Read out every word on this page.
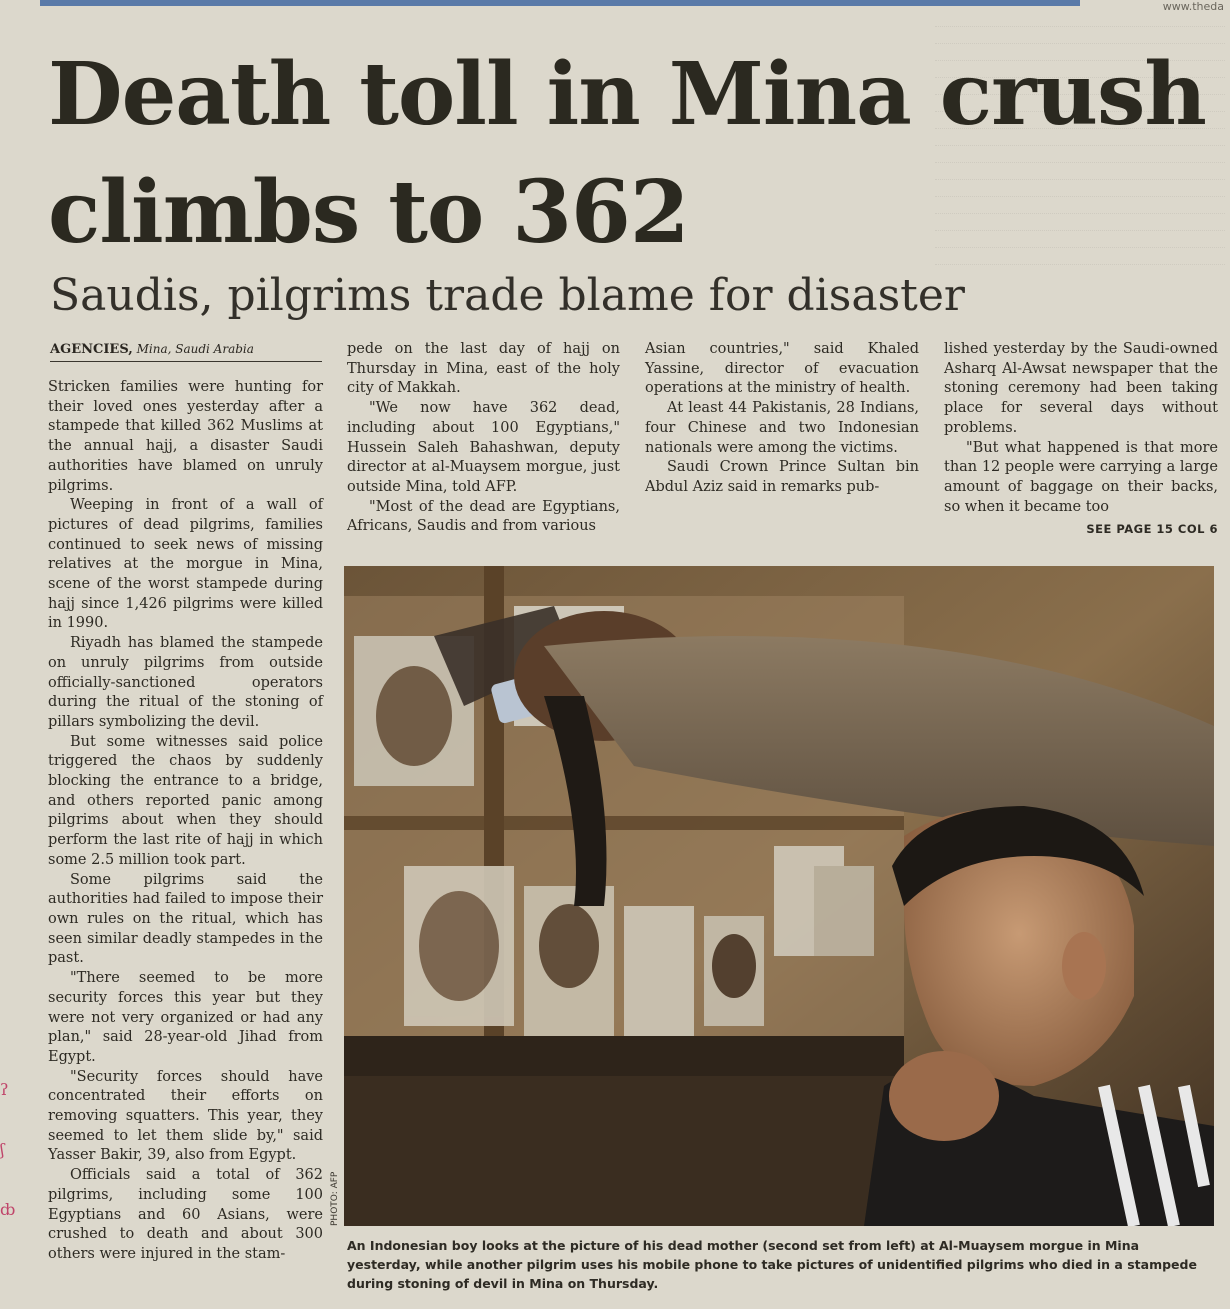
www.theda

Death toll in Mina crush
climbs to 362
Saudis, pilgrims trade blame for disaster
AGENCIES, Mina, Saudi Arabia

Stricken families were hunting for their loved ones yesterday after a stampede that killed 362 Muslims at the annual hajj, a disaster Saudi authorities have blamed on unruly pilgrims.

Weeping in front of a wall of pictures of dead pilgrims, families continued to seek news of missing relatives at the morgue in Mina, scene of the worst stampede during hajj since 1,426 pilgrims were killed in 1990.

Riyadh has blamed the stampede on unruly pilgrims from outside officially-sanctioned operators during the ritual of the stoning of pillars symbolizing the devil.

But some witnesses said police triggered the chaos by suddenly blocking the entrance to a bridge, and others reported panic among pilgrims about when they should perform the last rite of hajj in which some 2.5 million took part.

Some pilgrims said the authorities had failed to impose their own rules on the ritual, which has seen similar deadly stampedes in the past.

"There seemed to be more security forces this year but they were not very organized or had any plan," said 28-year-old Jihad from Egypt.

"Security forces should have concentrated their efforts on removing squatters. This year, they seemed to let them slide by," said Yasser Bakir, 39, also from Egypt.

Officials said a total of 362 pilgrims, including some 100 Egyptians and 60 Asians, were crushed to death and about 300 others were injured in the stam-

pede on the last day of hajj on Thursday in Mina, east of the holy city of Makkah.

"We now have 362 dead, including about 100 Egyptians," Hussein Saleh Bahashwan, deputy director at al-Muaysem morgue, just outside Mina, told AFP.

"Most of the dead are Egyptians, Africans, Saudis and from various

Asian countries," said Khaled Yassine, director of evacuation operations at the ministry of health.

At least 44 Pakistanis, 28 Indians, four Chinese and two Indonesian nationals were among the victims.

Saudi Crown Prince Sultan bin Abdul Aziz said in remarks pub-

lished yesterday by the Saudi-owned Asharq Al-Awsat newspaper that the stoning ceremony had been taking place for several days without problems.

"But what happened is that more than 12 people were carrying a large amount of baggage on their backs, so when it became too

SEE PAGE 15 COL 6
PHOTO: AFP
An Indonesian boy looks at the picture of his dead mother (second set from left) at Al-Muaysem morgue in Mina yesterday, while another pilgrim uses his mobile phone to take pictures of unidentified pilgrims who died in a stampede during stoning of devil in Mina on Thursday.
ʔ
ʃ
ȸ
